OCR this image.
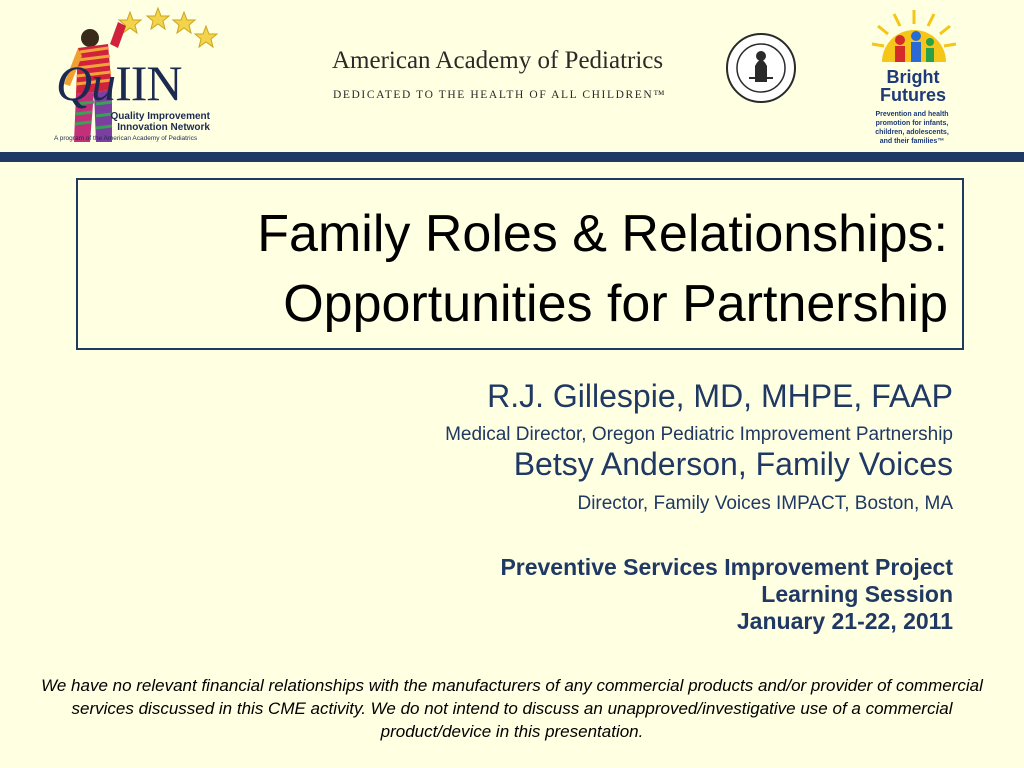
QuIIN
Quality Improvement
Innovation Network
A program of the American Academy of Pediatrics
American Academy of Pediatrics
DEDICATED TO THE HEALTH OF ALL CHILDREN™
Bright
Futures
Prevention and health
promotion for infants,
children, adolescents,
and their families™
Family Roles & Relationships:
Opportunities for Partnership
R.J. Gillespie, MD, MHPE, FAAP
Medical Director, Oregon Pediatric Improvement Partnership
Betsy Anderson, Family Voices
Director, Family Voices IMPACT, Boston, MA
Preventive Services Improvement Project
Learning Session
January 21-22, 2011
We have no relevant financial relationships with the manufacturers of any commercial products and/or provider of commercial services discussed in this CME activity. We do not intend to discuss an unapproved/investigative use of a commercial product/device in this presentation.
